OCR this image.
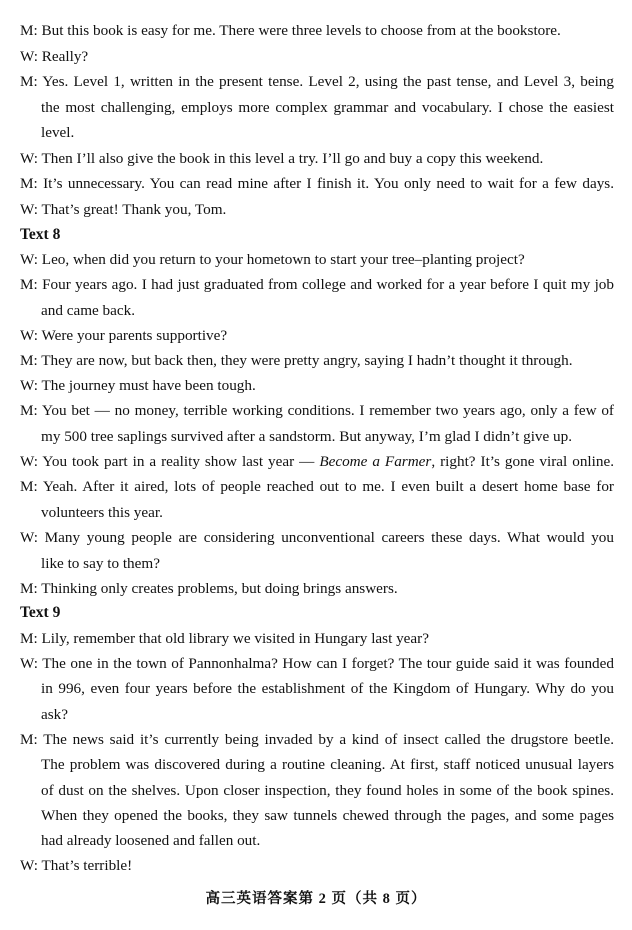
M: But this book is easy for me. There were three levels to choose from at the bookstore.
W: Really?
M: Yes. Level 1, written in the present tense. Level 2, using the past tense, and Level 3, being
the most challenging, employs more complex grammar and vocabulary. I chose the easiest
level.
W: Then I’ll also give the book in this level a try. I’ll go and buy a copy this weekend.
M: It’s unnecessary. You can read mine after I finish it. You only need to wait for a few days.
W: That’s great! Thank you, Tom.
Text 8
W: Leo, when did you return to your hometown to start your tree–planting project?
M: Four years ago. I had just graduated from college and worked for a year before I quit my job
and came back.
W: Were your parents supportive?
M: They are now, but back then, they were pretty angry, saying I hadn’t thought it through.
W: The journey must have been tough.
M: You bet — no money, terrible working conditions. I remember two years ago, only a few of
my 500 tree saplings survived after a sandstorm. But anyway, I’m glad I didn’t give up.
W: You took part in a reality show last year — Become a Farmer, right? It’s gone viral online.
M: Yeah. After it aired, lots of people reached out to me. I even built a desert home base for
volunteers this year.
W: Many young people are considering unconventional careers these days. What would you
like to say to them?
M: Thinking only creates problems, but doing brings answers.
Text 9
M: Lily, remember that old library we visited in Hungary last year?
W: The one in the town of Pannonhalma? How can I forget? The tour guide said it was founded
in 996, even four years before the establishment of the Kingdom of Hungary. Why do you
ask?
M: The news said it’s currently being invaded by a kind of insect called the drugstore beetle.
The problem was discovered during a routine cleaning. At first, staff noticed unusual layers
of dust on the shelves. Upon closer inspection, they found holes in some of the book spines.
When they opened the books, they saw tunnels chewed through the pages, and some pages
had already loosened and fallen out.
W: That’s terrible!
高三英语答案第 2 页（共 8 页）
